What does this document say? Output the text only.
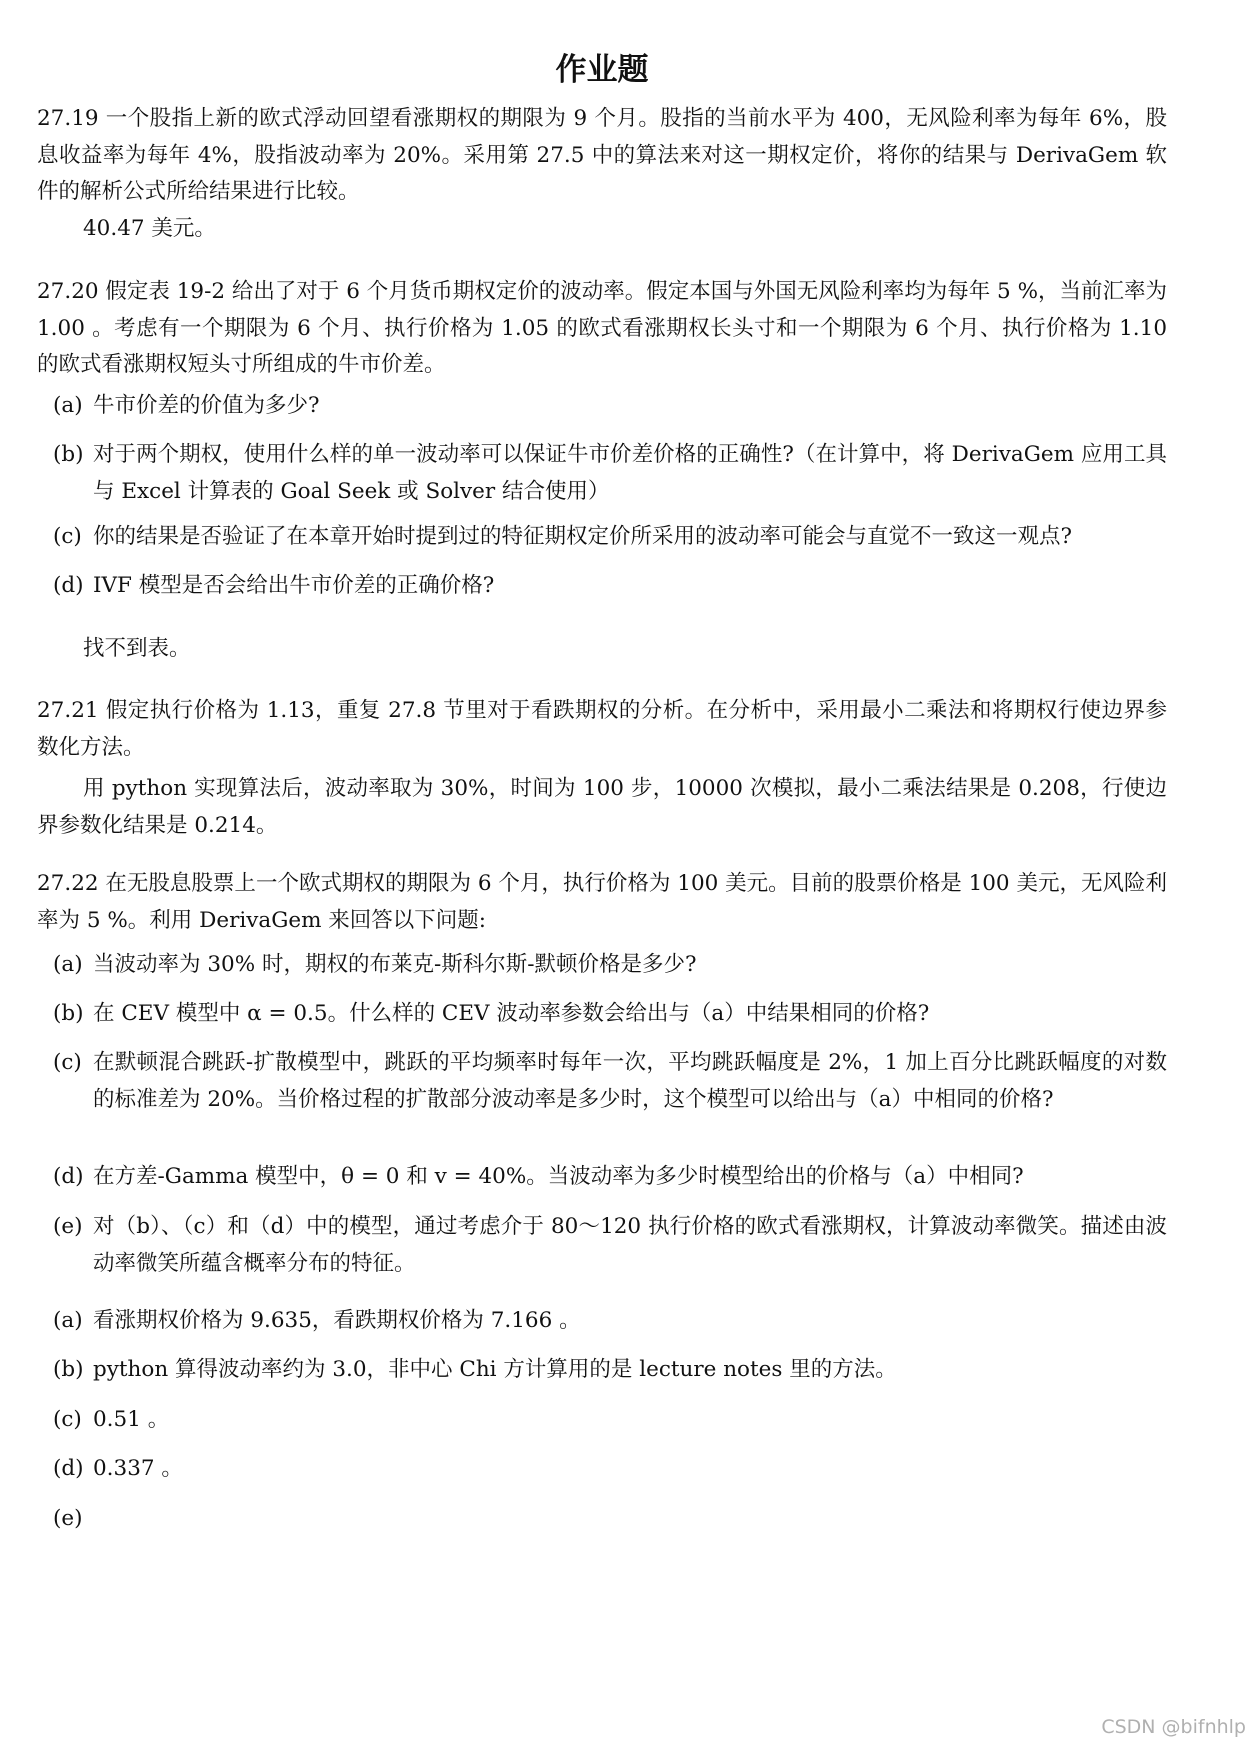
作业题
27.19 一个股指上新的欧式浮动回望看涨期权的期限为 9 个月。股指的当前水平为 400，无风险利率为每年 6%，股息收益率为每年 4%，股指波动率为 20%。采用第 27.5 中的算法来对这一期权定价，将你的结果与 DerivaGem 软件的解析公式所给结果进行比较。
40.47 美元。
27.20 假定表 19-2 给出了对于 6 个月货币期权定价的波动率。假定本国与外国无风险利率均为每年 5 %，当前汇率为 1.00 。考虑有一个期限为 6 个月、执行价格为 1.05 的欧式看涨期权长头寸和一个期限为 6 个月、执行价格为 1.10 的欧式看涨期权短头寸所组成的牛市价差。
(a) 牛市价差的价值为多少?
(b) 对于两个期权，使用什么样的单一波动率可以保证牛市价差价格的正确性?（在计算中，将 DerivaGem 应用工具与 Excel 计算表的 Goal Seek 或 Solver 结合使用）
(c) 你的结果是否验证了在本章开始时提到过的特征期权定价所采用的波动率可能会与直觉不一致这一观点?
(d) IVF 模型是否会给出牛市价差的正确价格?
找不到表。
27.21 假定执行价格为 1.13，重复 27.8 节里对于看跌期权的分析。在分析中，采用最小二乘法和将期权行使边界参数化方法。
用 python 实现算法后，波动率取为 30%，时间为 100 步，10000 次模拟，最小二乘法结果是 0.208，行使边界参数化结果是 0.214。
27.22 在无股息股票上一个欧式期权的期限为 6 个月，执行价格为 100 美元。目前的股票价格是 100 美元，无风险利率为 5 %。利用 DerivaGem 来回答以下问题:
(a) 当波动率为 30% 时，期权的布莱克-斯科尔斯-默顿价格是多少?
(b) 在 CEV 模型中 α = 0.5。什么样的 CEV 波动率参数会给出与（a）中结果相同的价格?
(c) 在默顿混合跳跃-扩散模型中，跳跃的平均频率时每年一次，平均跳跃幅度是 2%，1 加上百分比跳跃幅度的对数的标准差为 20%。当价格过程的扩散部分波动率是多少时，这个模型可以给出与（a）中相同的价格?
(d) 在方差-Gamma 模型中，θ = 0 和 v = 40%。当波动率为多少时模型给出的价格与（a）中相同?
(e) 对（b）、（c）和（d）中的模型，通过考虑介于 80～120 执行价格的欧式看涨期权，计算波动率微笑。描述由波动率微笑所蕴含概率分布的特征。
(a) 看涨期权价格为 9.635，看跌期权价格为 7.166 。
(b) python 算得波动率约为 3.0，非中心 Chi 方计算用的是 lecture notes 里的方法。
(c) 0.51 。
(d) 0.337 。
(e)
CSDN @bifnhlp
